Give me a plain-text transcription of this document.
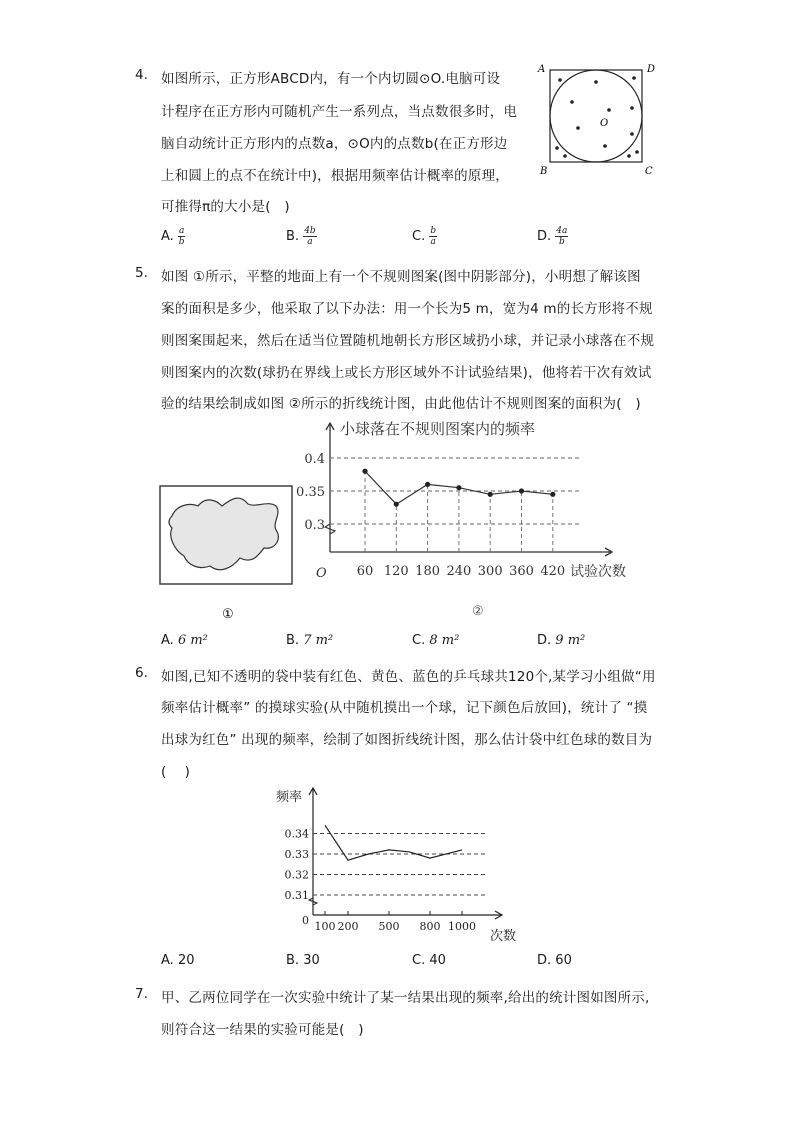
4. 如图所示，正方形ABCD内，有一个内切圆⊙O.电脑可设
计程序在正方形内可随机产生一系列点，当点数很多时，电
脑自动统计正方形内的点数a，⊙O内的点数b(在正方形边
上和圆上的点不在统计中)，根据用频率估计概率的原理，
可推得π的大小是(　)
A	D
B	C
O
A. $\frac{a}{b}$	B. $\frac{4b}{a}$	C. $\frac{b}{a}$	D. $\frac{4a}{b}$
5. 如图 ①所示，平整的地面上有一个不规则图案(图中阴影部分)，小明想了解该图
案的面积是多少，他采取了以下办法：用一个长为5 m，宽为4 m的长方形将不规
则图案围起来，然后在适当位置随机地朝长方形区域扔小球，并记录小球落在不规
则图案内的次数(球扔在界线上或长方形区域外不计试验结果)，他将若干次有效试
验的结果绘制成如图 ②所示的折线统计图，由此他估计不规则图案的面积为(　)
①
小球落在不规则图案内的频率
试验次数
O
②
0.3
0.35
0.4
60 120 180 240 300 360 420
A. 6 m²	B. 7 m²	C. 8 m²	D. 9 m²
6. 如图,已知不透明的袋中装有红色、黄色、蓝色的乒乓球共120个,某学习小组做“用
频率估计概率” 的摸球实验(从中随机摸出一个球，记下颜色后放回)，统计了 “摸
出球为红色” 出现的频率，绘制了如图折线统计图，那么估计袋中红色球的数目为
(　 )
频率
次数
0
0.31
0.32
0.33
0.34
100 200 500 800 1000
A. 20	B. 30	C. 40	D. 60
7. 甲、乙两位同学在一次实验中统计了某一结果出现的频率,给出的统计图如图所示,
则符合这一结果的实验可能是(　)
